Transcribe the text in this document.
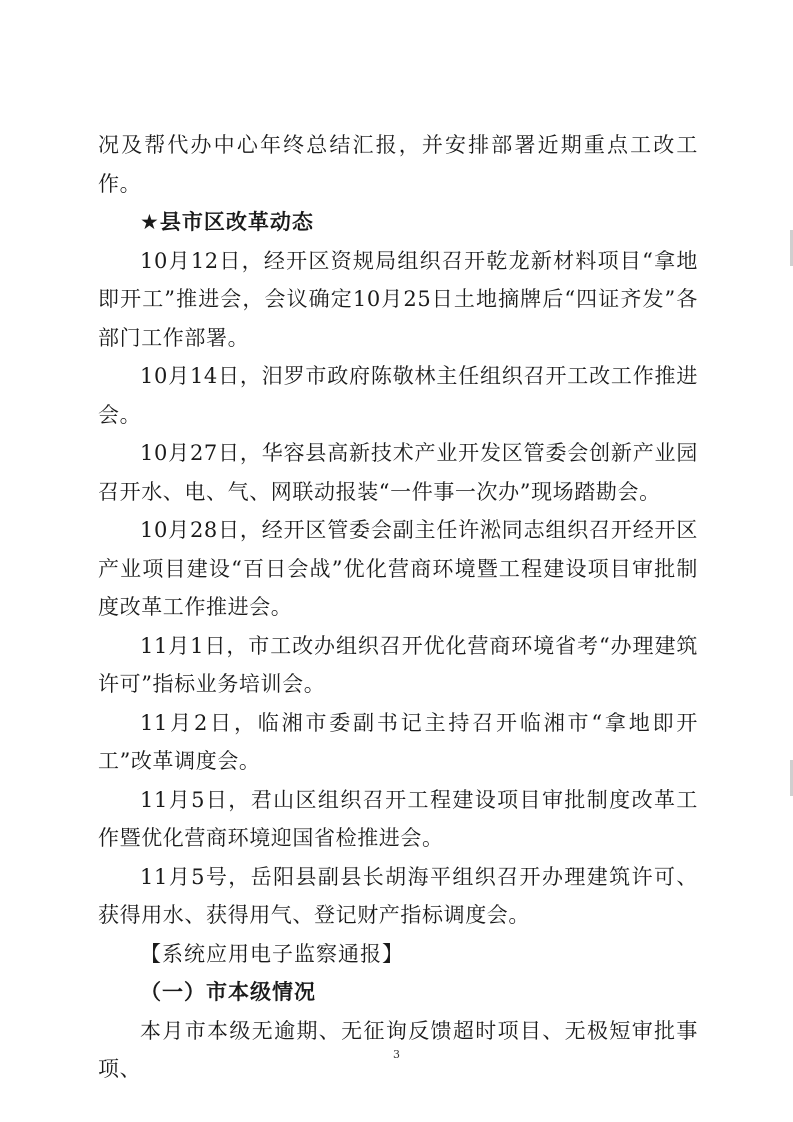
况及帮代办中心年终总结汇报，并安排部署近期重点工改工作。

★县市区改革动态

10月12日，经开区资规局组织召开乾龙新材料项目“拿地即开工”推进会，会议确定10月25日土地摘牌后“四证齐发”各部门工作部署。

10月14日，汨罗市政府陈敬林主任组织召开工改工作推进会。

10月27日，华容县高新技术产业开发区管委会创新产业园召开水、电、气、网联动报装“一件事一次办”现场踏勘会。

10月28日，经开区管委会副主任许淞同志组织召开经开区产业项目建设“百日会战”优化营商环境暨工程建设项目审批制度改革工作推进会。

11月1日，市工改办组织召开优化营商环境省考“办理建筑许可”指标业务培训会。

11月2日，临湘市委副书记主持召开临湘市“拿地即开工”改革调度会。

11月5日，君山区组织召开工程建设项目审批制度改革工作暨优化营商环境迎国省检推进会。

11月5号，岳阳县副县长胡海平组织召开办理建筑许可、获得用水、获得用气、登记财产指标调度会。

【系统应用电子监察通报】

（一）市本级情况

本月市本级无逾期、无征询反馈超时项目、无极短审批事项、

3
